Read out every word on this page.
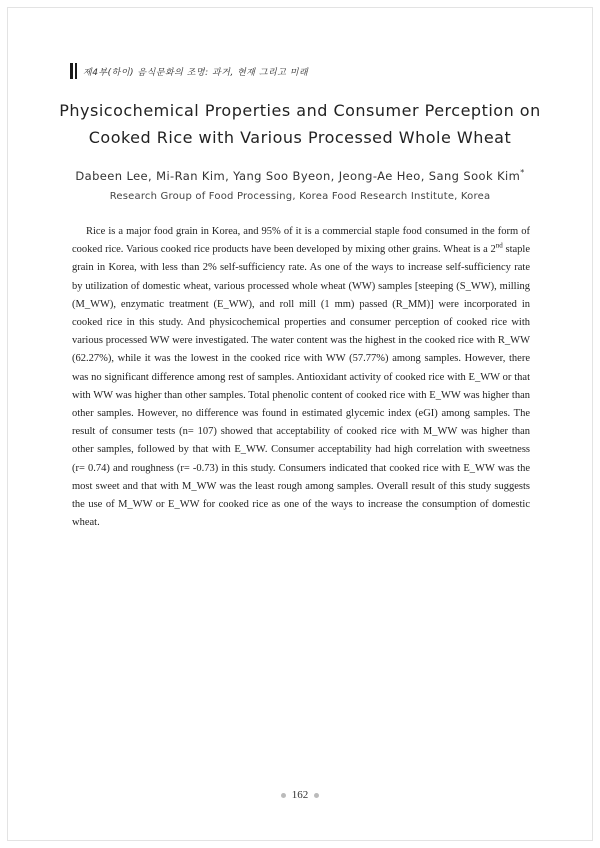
제4부(하이) 음식문화의 조명: 과거, 현재 그리고 미래
Physicochemical Properties and Consumer Perception on
Cooked Rice with Various Processed Whole Wheat
Dabeen Lee, Mi-Ran Kim, Yang Soo Byeon, Jeong-Ae Heo, Sang Sook Kim*
Research Group of Food Processing, Korea Food Research Institute, Korea
Rice is a major food grain in Korea, and 95% of it is a commercial staple food consumed in the form of cooked rice. Various cooked rice products have been developed by mixing other grains. Wheat is a 2nd staple grain in Korea, with less than 2% self-sufficiency rate. As one of the ways to increase self-sufficiency rate by utilization of domestic wheat, various processed whole wheat (WW) samples [steeping (S_WW), milling (M_WW), enzymatic treatment (E_WW), and roll mill (1 mm) passed (R_MM)] were incorporated in cooked rice in this study. And physicochemical properties and consumer perception of cooked rice with various processed WW were investigated. The water content was the highest in the cooked rice with R_WW (62.27%), while it was the lowest in the cooked rice with WW (57.77%) among samples. However, there was no significant difference among rest of samples. Antioxidant activity of cooked rice with E_WW or that with WW was higher than other samples. Total phenolic content of cooked rice with E_WW was higher than other samples. However, no difference was found in estimated glycemic index (eGI) among samples. The result of consumer tests (n= 107) showed that acceptability of cooked rice with M_WW was higher than other samples, followed by that with E_WW. Consumer acceptability had high correlation with sweetness (r= 0.74) and roughness (r= -0.73) in this study. Consumers indicated that cooked rice with E_WW was the most sweet and that with M_WW was the least rough among samples. Overall result of this study suggests the use of M_WW or E_WW for cooked rice as one of the ways to increase the consumption of domestic wheat.
162
